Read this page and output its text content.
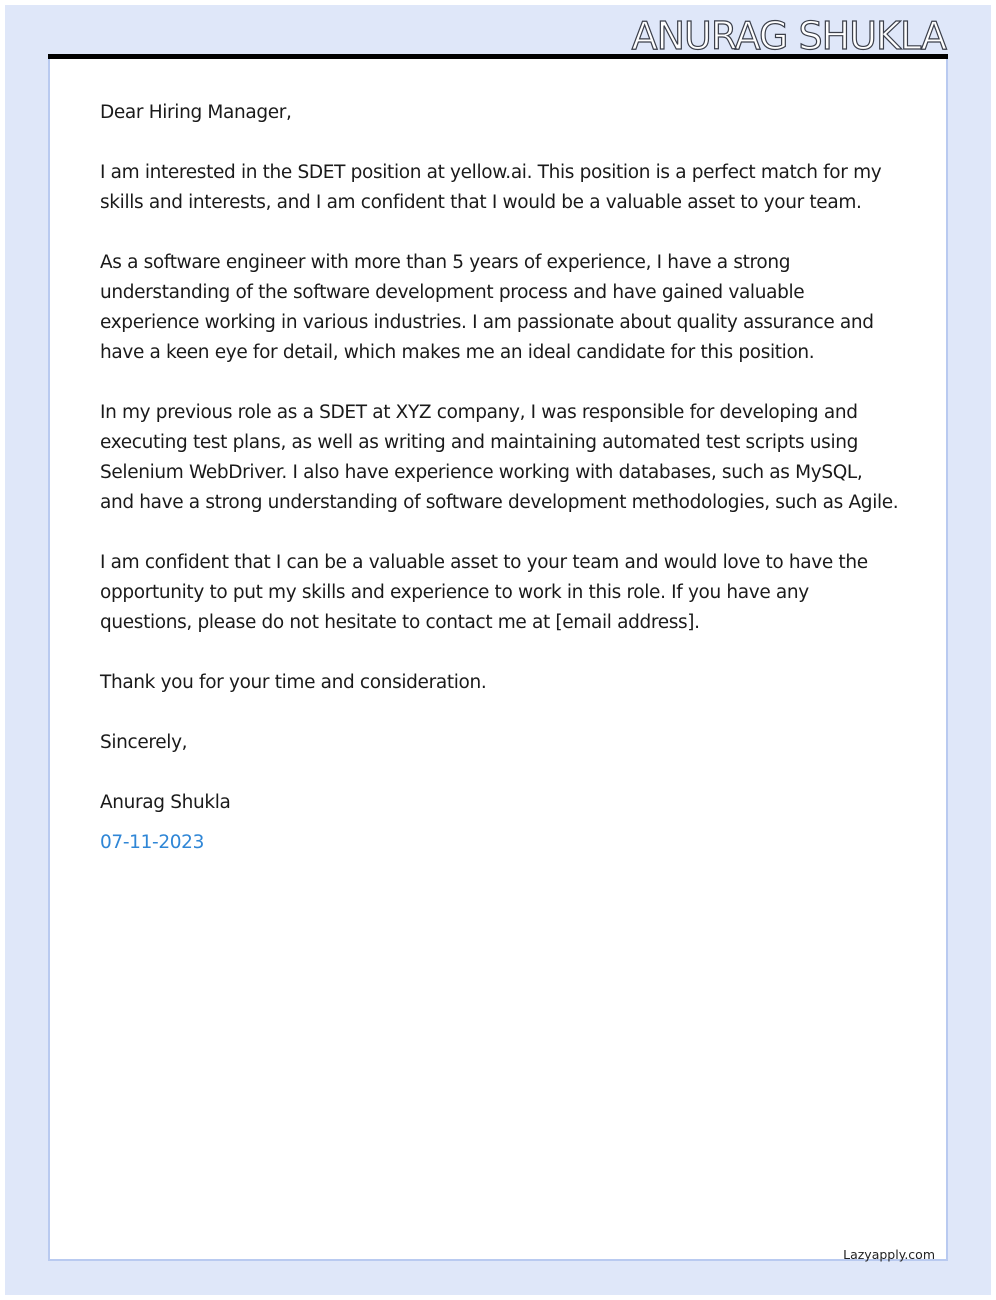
ANURAG SHUKLA

Dear Hiring Manager,

I am interested in the SDET position at yellow.ai. This position is a perfect match for my skills and interests, and I am confident that I would be a valuable asset to your team.

As a software engineer with more than 5 years of experience, I have a strong understanding of the software development process and have gained valuable experience working in various industries. I am passionate about quality assurance and have a keen eye for detail, which makes me an ideal candidate for this position.

In my previous role as a SDET at XYZ company, I was responsible for developing and executing test plans, as well as writing and maintaining automated test scripts using Selenium WebDriver. I also have experience working with databases, such as MySQL, and have a strong understanding of software development methodologies, such as Agile.

I am confident that I can be a valuable asset to your team and would love to have the opportunity to put my skills and experience to work in this role. If you have any questions, please do not hesitate to contact me at [email address].

Thank you for your time and consideration.

Sincerely,

Anurag Shukla

07-11-2023

Lazyapply.com
